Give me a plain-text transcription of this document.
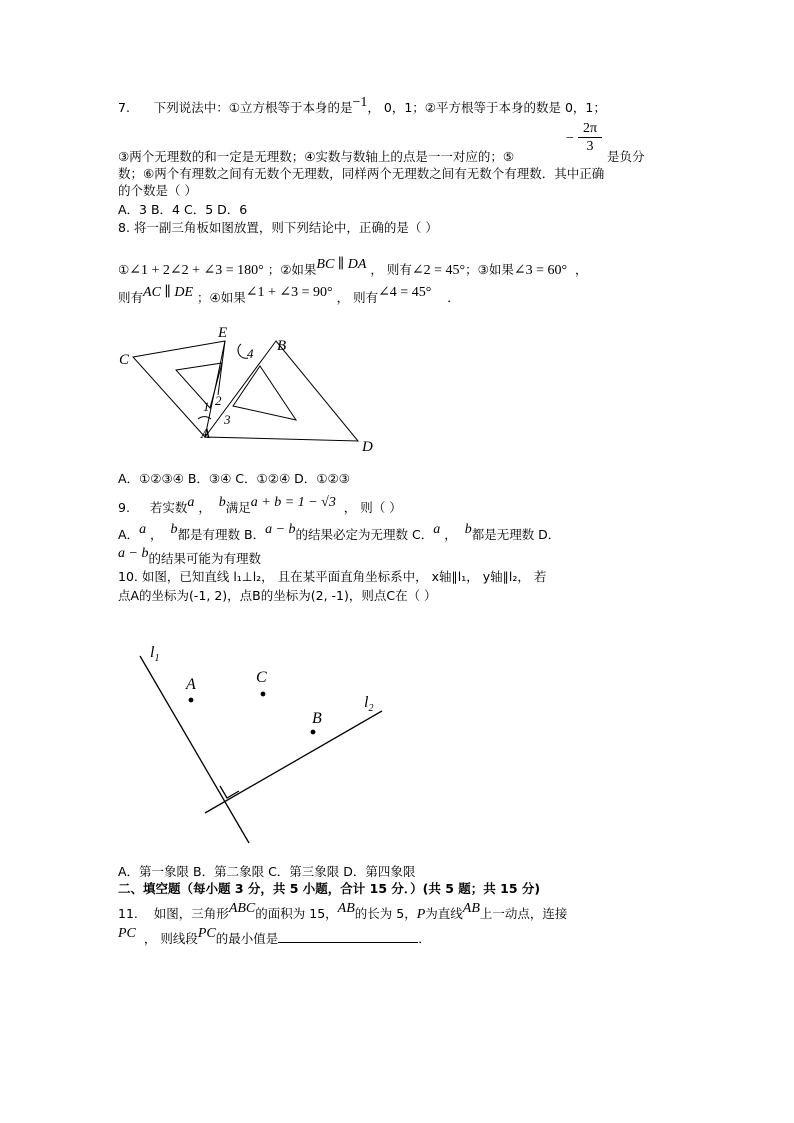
7. 下列说法中：①立方根等于本身的是−1， 0，1；②平方根等于本身的数是 0，1；
−
2π
3
③两个无理数的和一定是无理数；④实数与数轴上的点是一一对应的；⑤	是负分
数；⑥两个有理数之间有无数个无理数，同样两个无理数之间有无数个有理数．其中正确
的个数是（ ）
A．3 B．4 C．5 D．6
8. 将一副三角板如图放置，则下列结论中，正确的是（ ）
①∠1 + 2∠2 + ∠3 = 180° ；②如果BC ∥ DA ， 则有∠2 = 45°；③如果∠3 = 60° ，
则有AC ∥ DE ；④如果∠1 + ∠3 = 90° ， 则有∠4 = 45° ．
C
E
B
A
D
1 2
3
4
A．①②③④ B．③④ C．①②④ D．①②③
9. 若实数a ， b满足a + b = 1 − √3 ， 则（ ）
A．a ， b都是有理数 B．a − b的结果必定为无理数 C．a ， b都是无理数 D．
a − b的结果可能为有理数
10. 如图，已知直线 l₁⊥l₂， 且在某平面直角坐标系中， x轴∥l₁， y轴∥l₂， 若
点A的坐标为(-1, 2)，点B的坐标为(2, -1)，则点C在（ ）
$l_1$
$l_2$
A	C
B
A．第一象限 B．第二象限 C．第三象限 D．第四象限
二、填空题（每小题 3 分，共 5 小题，合计 15 分．）(共 5 题；共 15 分)
11. 如图，三角形ABC的面积为 15，AB的长为 5，P为直线AB上一动点，连接
PC ， 则线段PC的最小值是	．
